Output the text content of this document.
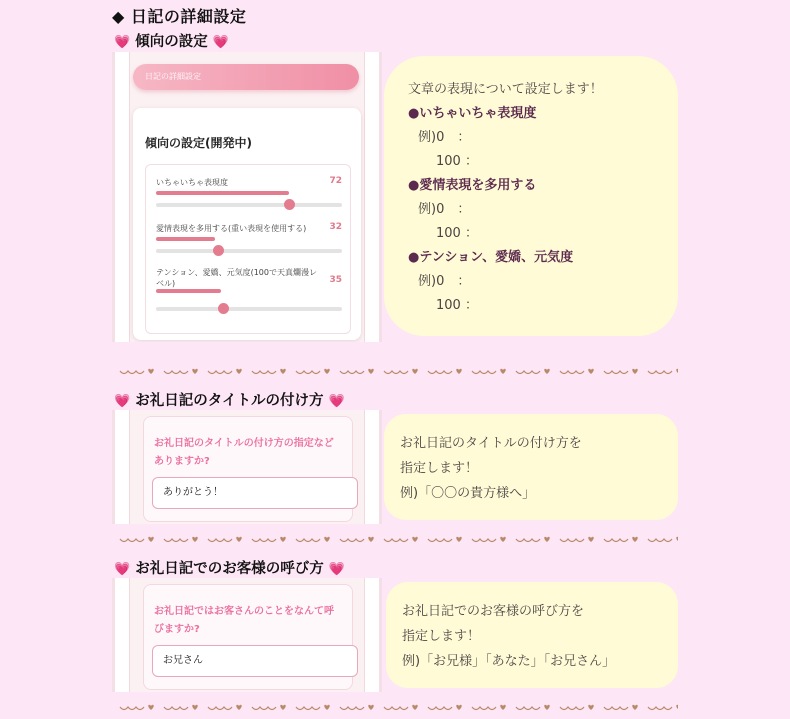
◆ 日記の詳細設定
💗 傾向の設定 💗
日記の詳細設定
傾向の設定(開発中)
いちゃいちゃ表現度	72
愛情表現を多用する(重い表現を使用する)	32
テンション、愛嬌、元気度(100で天真爛漫レベル)	35
文章の表現について設定します！
●いちゃいちゃ表現度
例)0　：
100 ：
●愛情表現を多用する
例)0　：
100 ：
●テンション、愛嬌、元気度
例)0　：
100 ：
💗 お礼日記のタイトルの付け方 💗
お礼日記のタイトルの付け方の指定などありますか?
ありがとう！
お礼日記のタイトルの付け方を
指定します！
例)「〇〇の貴方様へ」
💗 お礼日記でのお客様の呼び方 💗
お礼日記ではお客さんのことをなんて呼びますか?
お兄さん
お礼日記でのお客様の呼び方を
指定します！
例)「お兄様」「あなた」「お兄さん」
